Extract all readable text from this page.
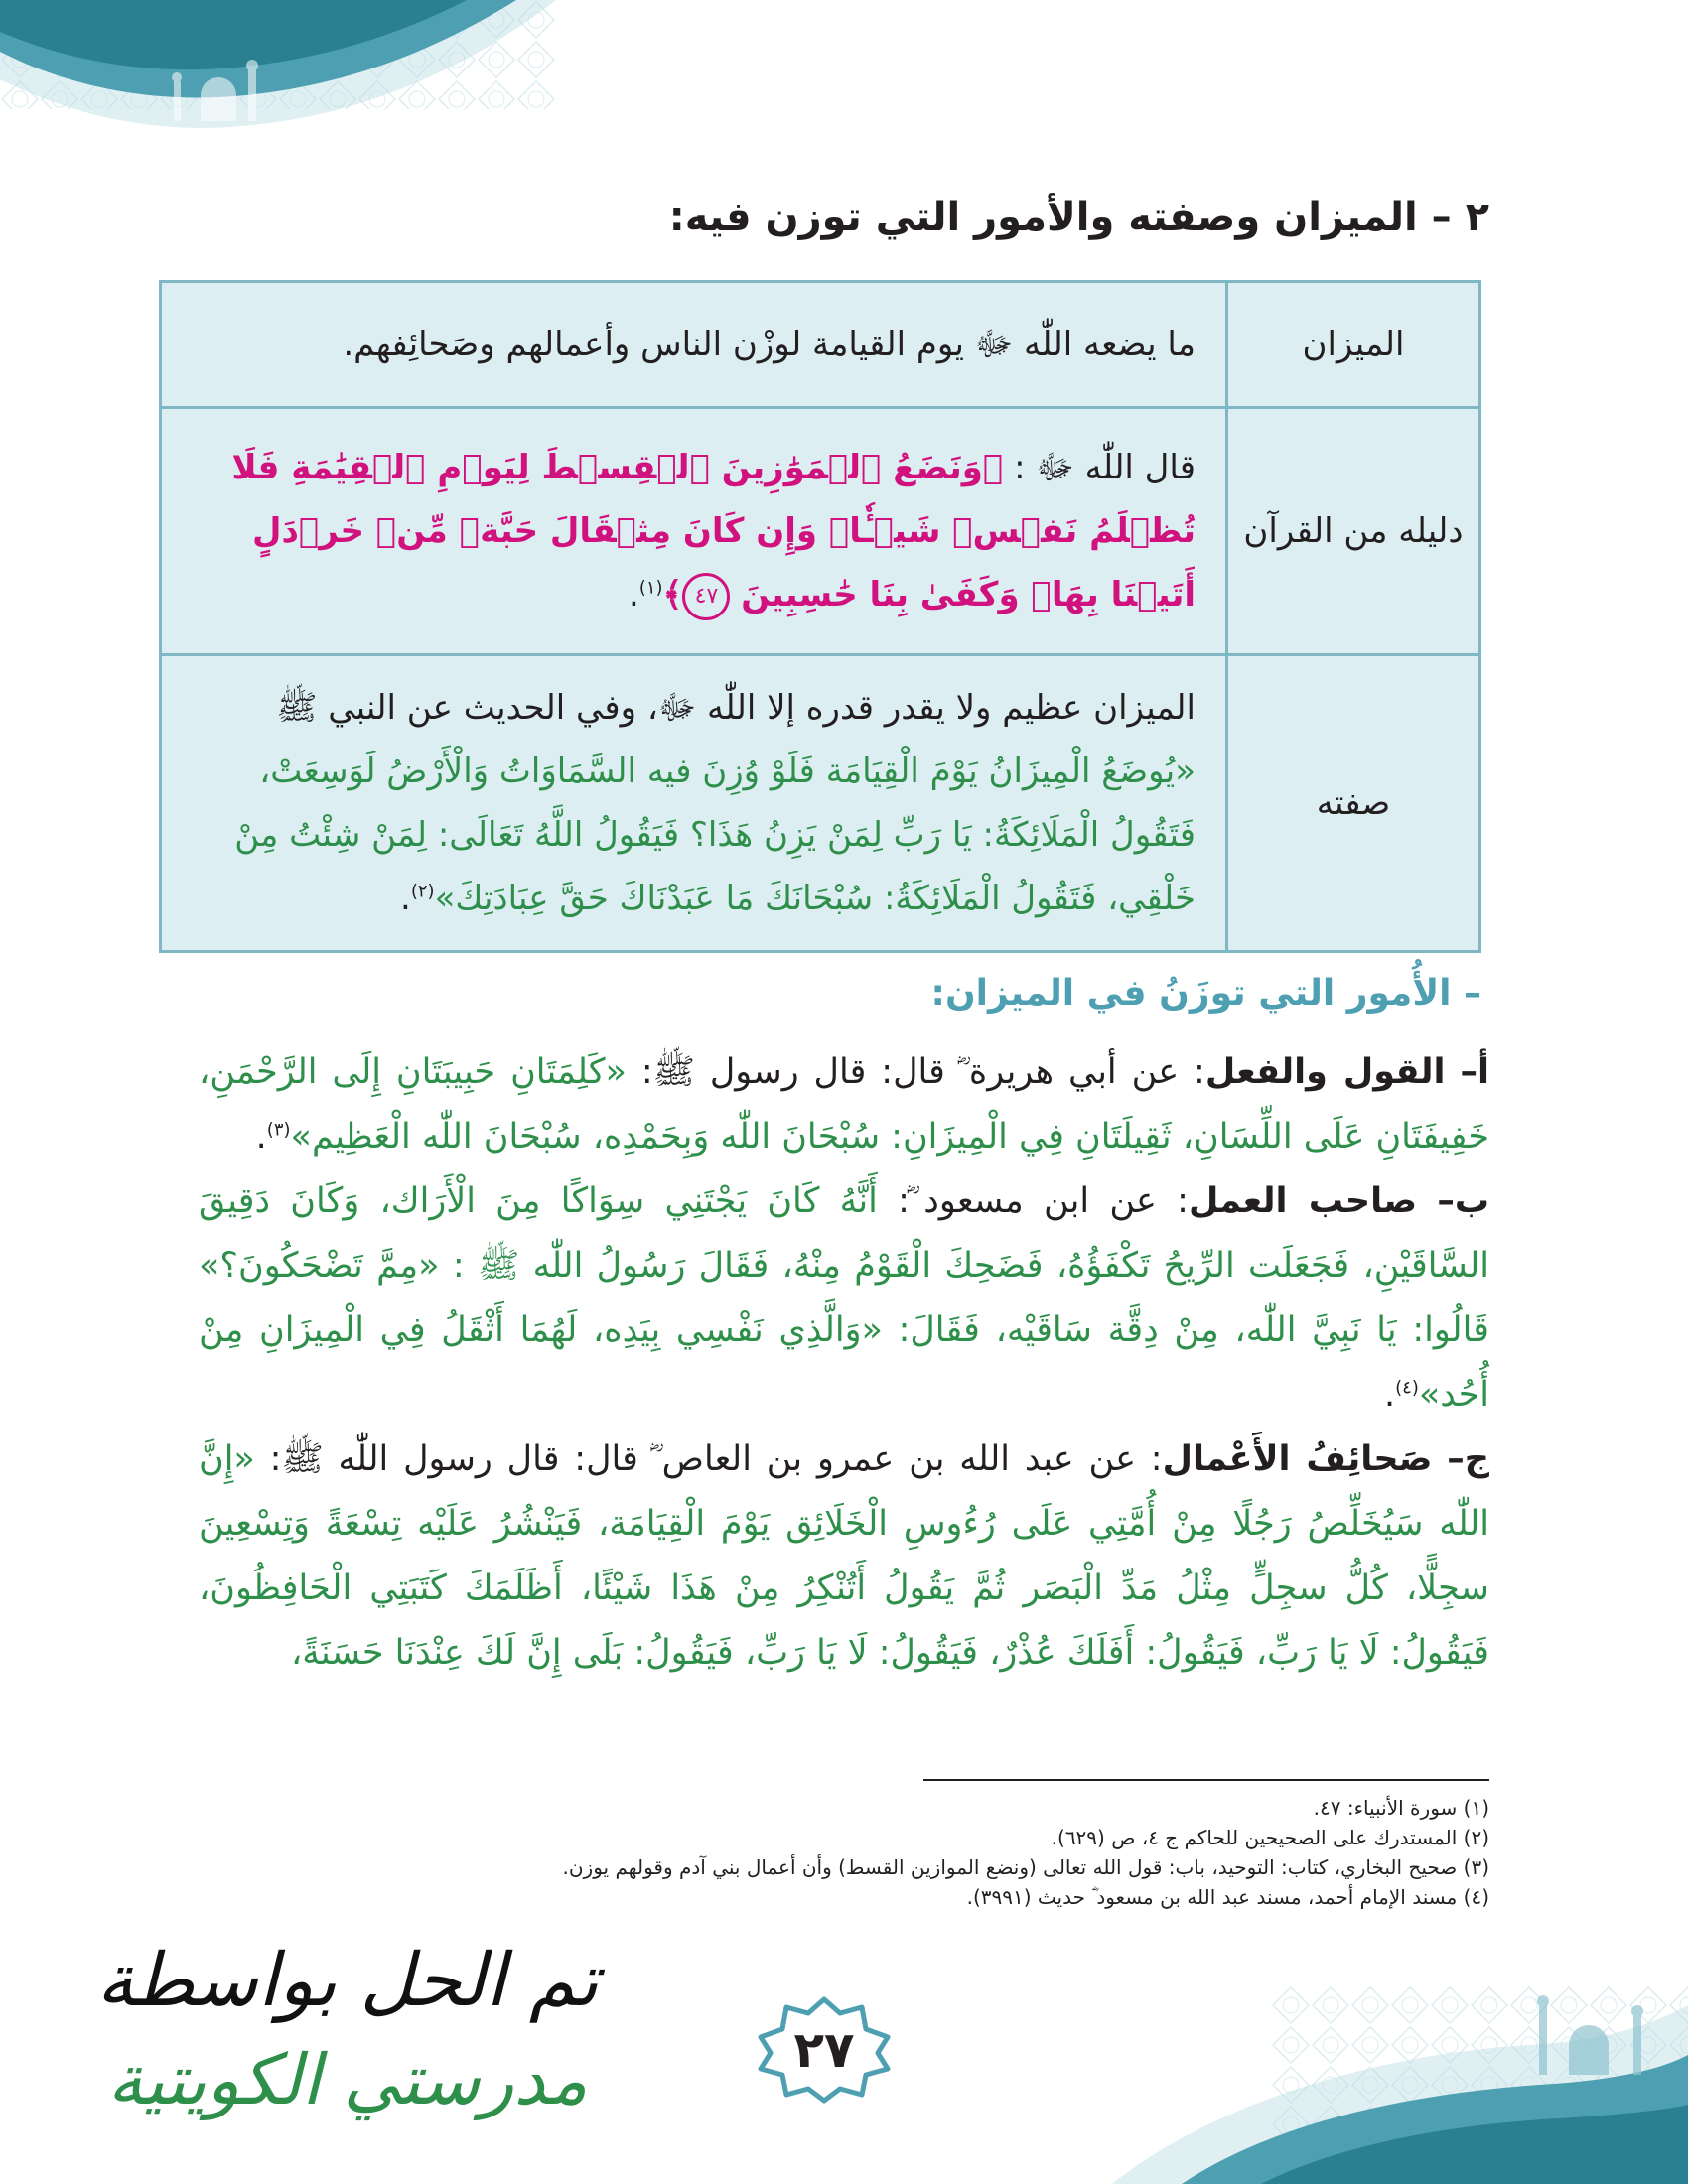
٢ – الميزان وصفته والأمور التي توزن فيه:
الميزان	ما يضعه اللّٰه ﷻ يوم القيامة لوزْن الناس وأعمالهم وصَحائِفهم.
دليله من القرآن	قال اللّٰه ﷻ : ﴿وَنَضَعُ ٱلۡمَوَٰزِينَ ٱلۡقِسۡطَ لِيَوۡمِ ٱلۡقِيَٰمَةِ فَلَا تُظۡلَمُ نَفۡسٞ شَيۡـٔٗاۖ وَإِن كَانَ مِثۡقَالَ حَبَّةٖ مِّنۡ خَرۡدَلٍ أَتَيۡنَا بِهَاۗ وَكَفَىٰ بِنَا حَٰسِبِينَ ٤٧﴾$^{(١)}$.
صفته	الميزان عظيم ولا يقدر قدره إلا اللّٰه ﷻ، وفي الحديث عن النبي ﷺ «يُوضَعُ الْمِيزَانُ يَوْمَ الْقِيَامَة فَلَوْ وُزِنَ فيه السَّمَاوَاتُ وَالْأَرْضُ لَوَسِعَتْ، فَتَقُولُ الْمَلَائِكَةُ: يَا رَبِّ لِمَنْ يَزِنُ هَذَا؟ فَيَقُولُ اللَّهُ تَعَالَى: لِمَنْ شِئْتُ مِنْ خَلْقِي، فَتَقُولُ الْمَلَائِكَةُ: سُبْحَانَكَ مَا عَبَدْنَاكَ حَقَّ عِبَادَتِكَ»$^{(٢)}$.
– الأُمور التي توزَنُ في الميزان:

أ– القول والفعل: عن أبي هريرة ؓ قال: قال رسول ﷺ: «كَلِمَتَانِ حَبِيبَتَانِ إِلَى الرَّحْمَنِ، خَفِيفَتَانِ عَلَى اللِّسَانِ، ثَقِيلَتَانِ فِي الْمِيزَانِ: سُبْحَانَ اللّٰه وَبِحَمْدِه، سُبْحَانَ اللّٰه الْعَظِيم»$^{(٣)}$.

ب– صاحب العمل: عن ابن مسعود ؓ: أَنَّهُ كَانَ يَجْتَنِي سِوَاكًا مِنَ الْأَرَاك، وَكَانَ دَقِيقَ السَّاقَيْنِ، فَجَعَلَت الرِّيحُ تَكْفَؤُهُ، فَضَحِكَ الْقَوْمُ مِنْهُ، فَقَالَ رَسُولُ اللّٰه ﷺ : «مِمَّ تَضْحَكُونَ؟» قَالُوا: يَا نَبِيَّ اللّٰه، مِنْ دِقَّة سَاقَيْه، فَقَالَ: «وَالَّذِي نَفْسِي بِيَدِه، لَهُمَا أَثْقَلُ فِي الْمِيزَانِ مِنْ أُحُد»$^{(٤)}$.

ج– صَحائِفُ الأَعْمال: عن عبد الله بن عمرو بن العاص ؓ قال: قال رسول اللّٰه ﷺ: «إِنَّ اللّٰه سَيُخَلِّصُ رَجُلًا مِنْ أُمَّتِي عَلَى رُءُوسِ الْخَلَائِق يَوْمَ الْقِيَامَة، فَيَنْشُرُ عَلَيْه تِسْعَةً وَتِسْعِينَ سجِلًّا، كُلُّ سجِلٍّ مِثْلُ مَدِّ الْبَصَر ثُمَّ يَقُولُ أَتُنْكِرُ مِنْ هَذَا شَيْئًا، أَظَلَمَكَ كَتَبَتِي الْحَافِظُونَ، فَيَقُولُ: لَا يَا رَبِّ، فَيَقُولُ: أَفَلَكَ عُذْرٌ، فَيَقُولُ: لَا يَا رَبِّ، فَيَقُولُ: بَلَى إِنَّ لَكَ عِنْدَنَا حَسَنَةً،

(١) سورة الأنبياء: ٤٧.
(٢) المستدرك على الصحيحين للحاكم ج ٤، ص (٦٢٩).
(٣) صحيح البخاري، كتاب: التوحيد، باب: قول الله تعالى (ونضع الموازين القسط) وأن أعمال بني آدم وقولهم يوزن.
(٤) مسند الإمام أحمد، مسند عبد الله بن مسعود ؓ حديث (٣٩٩١).
تم الحل بواسطة
مدرستي الكويتية	٢٧
